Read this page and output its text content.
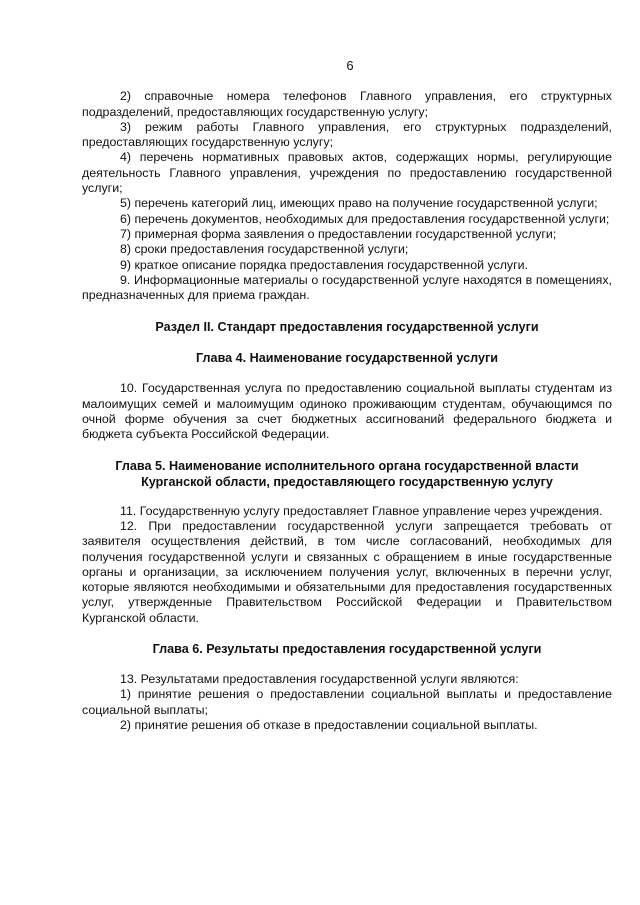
6

2) справочные номера телефонов Главного управления, его структурных подразделений, предоставляющих государственную услугу;

3) режим работы Главного управления, его структурных подразделений, предоставляющих государственную услугу;

4) перечень нормативных правовых актов, содержащих нормы, регулирующие деятельность Главного управления, учреждения по предоставлению государственной услуги;

5) перечень категорий лиц, имеющих право на получение государственной услуги;

6) перечень документов, необходимых для предоставления государственной услуги;

7) примерная форма заявления о предоставлении государственной услуги;

8) сроки предоставления государственной услуги;

9) краткое описание порядка предоставления государственной услуги.

9. Информационные материалы о государственной услуге находятся в помещениях, предназначенных для приема граждан.

Раздел II. Стандарт предоставления государственной услуги
Глава 4. Наименование государственной услуги

10. Государственная услуга по предоставлению социальной выплаты студентам из малоимущих семей и малоимущим одиноко проживающим студентам, обучающимся по очной форме обучения за счет бюджетных ассигнований федерального бюджета и бюджета субъекта Российской Федерации.

Глава 5. Наименование исполнительного органа государственной власти Курганской области, предоставляющего государственную услугу

11. Государственную услугу предоставляет Главное управление через учреждения.

12. При предоставлении государственной услуги запрещается требовать от заявителя осуществления действий, в том числе согласований, необходимых для получения государственной услуги и связанных с обращением в иные государственные органы и организации, за исключением получения услуг, включенных в перечни услуг, которые являются необходимыми и обязательными для предоставления государственных услуг, утвержденные Правительством Российской Федерации и Правительством Курганской области.

Глава 6. Результаты предоставления государственной услуги

13. Результатами предоставления государственной услуги являются:

1) принятие решения о предоставлении социальной выплаты и предоставление социальной выплаты;

2) принятие решения об отказе в предоставлении социальной выплаты.
